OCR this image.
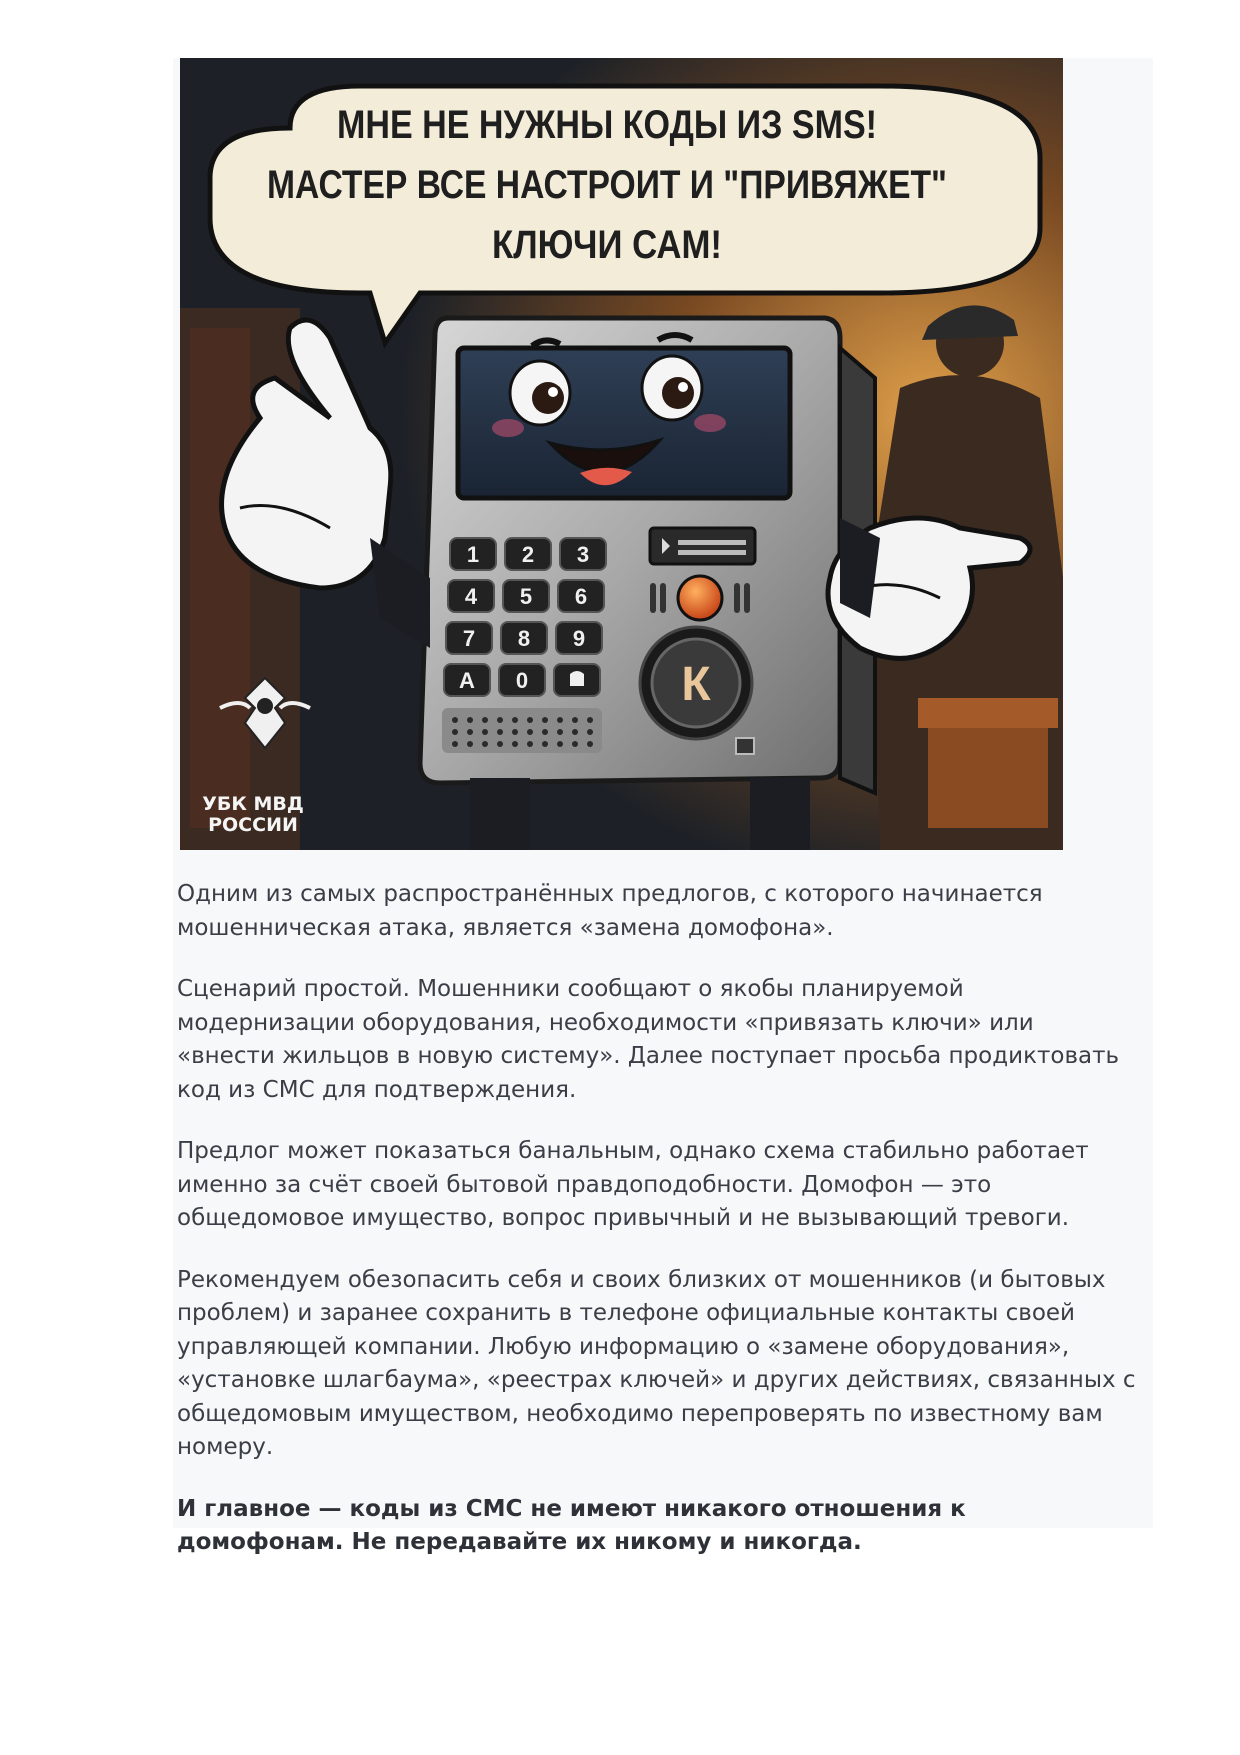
МНЕ НЕ НУЖНЫ КОДЫ ИЗ SMS!
МАСТЕР ВСЕ НАСТРОИТ И "ПРИВЯЖЕТ"
КЛЮЧИ САМ!
1 2 3
4 5 6
7 8 9
А 0	К
УБК МВД
РОССИИ

Одним из самых распространённых предлогов, с которого начинается мошенническая атака, является «замена домофона».

Сценарий простой. Мошенники сообщают о якобы планируемой модернизации оборудования, необходимости «привязать ключи» или «внести жильцов в новую систему». Далее поступает просьба продиктовать код из СМС для подтверждения.

Предлог может показаться банальным, однако схема стабильно работает именно за счёт своей бытовой правдоподобности. Домофон — это общедомовое имущество, вопрос привычный и не вызывающий тревоги.

Рекомендуем обезопасить себя и своих близких от мошенников (и бытовых проблем) и заранее сохранить в телефоне официальные контакты своей управляющей компании. Любую информацию о «замене оборудования», «установке шлагбаума», «реестрах ключей» и других действиях, связанных с общедомовым имуществом, необходимо перепроверять по известному вам номеру.

И главное — коды из СМС не имеют никакого отношения к домофонам. Не передавайте их никому и никогда.
